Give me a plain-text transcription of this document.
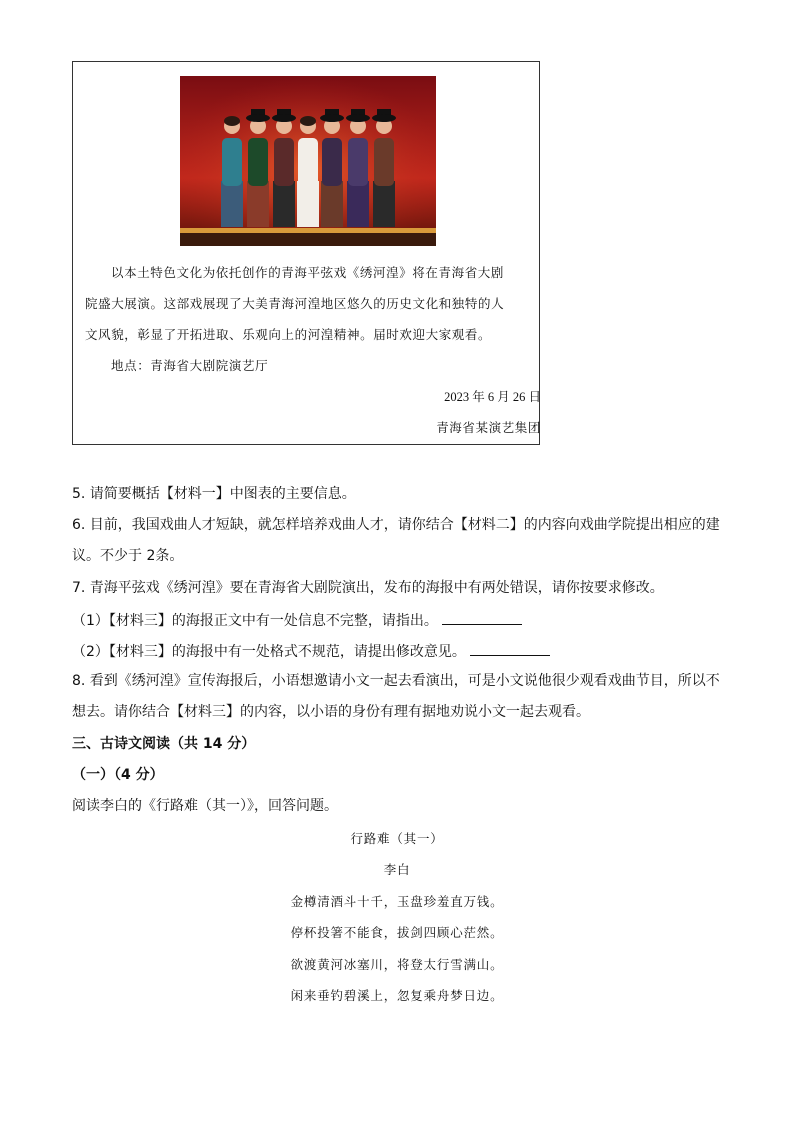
以本土特色文化为依托创作的青海平弦戏《绣河湟》将在青海省大剧
院盛大展演。这部戏展现了大美青海河湟地区悠久的历史文化和独特的人
文风貌，彰显了开拓进取、乐观向上的河湟精神。届时欢迎大家观看。
地点：青海省大剧院演艺厅
2023 年 6 月 26 日
青海省某演艺集团
5. 请简要概括【材料一】中图表的主要信息。
6. 目前，我国戏曲人才短缺，就怎样培养戏曲人才，请你结合【材料二】的内容向戏曲学院提出相应的建
议。不少于 2条。
7. 青海平弦戏《绣河湟》要在青海省大剧院演出，发布的海报中有两处错误，请你按要求修改。
（1）【材料三】的海报正文中有一处信息不完整，请指出。
（2）【材料三】的海报中有一处格式不规范，请提出修改意见。
8. 看到《绣河湟》宣传海报后，小语想邀请小文一起去看演出，可是小文说他很少观看戏曲节目，所以不
想去。请你结合【材料三】的内容，以小语的身份有理有据地劝说小文一起去观看。
三、古诗文阅读（共 14 分）
（一）（4 分）
阅读李白的《行路难（其一）》，回答问题。
行路难（其一）
李白
金樽清酒斗十千，玉盘珍羞直万钱。
停杯投箸不能食，拔剑四顾心茫然。
欲渡黄河冰塞川，将登太行雪满山。
闲来垂钓碧溪上，忽复乘舟梦日边。
